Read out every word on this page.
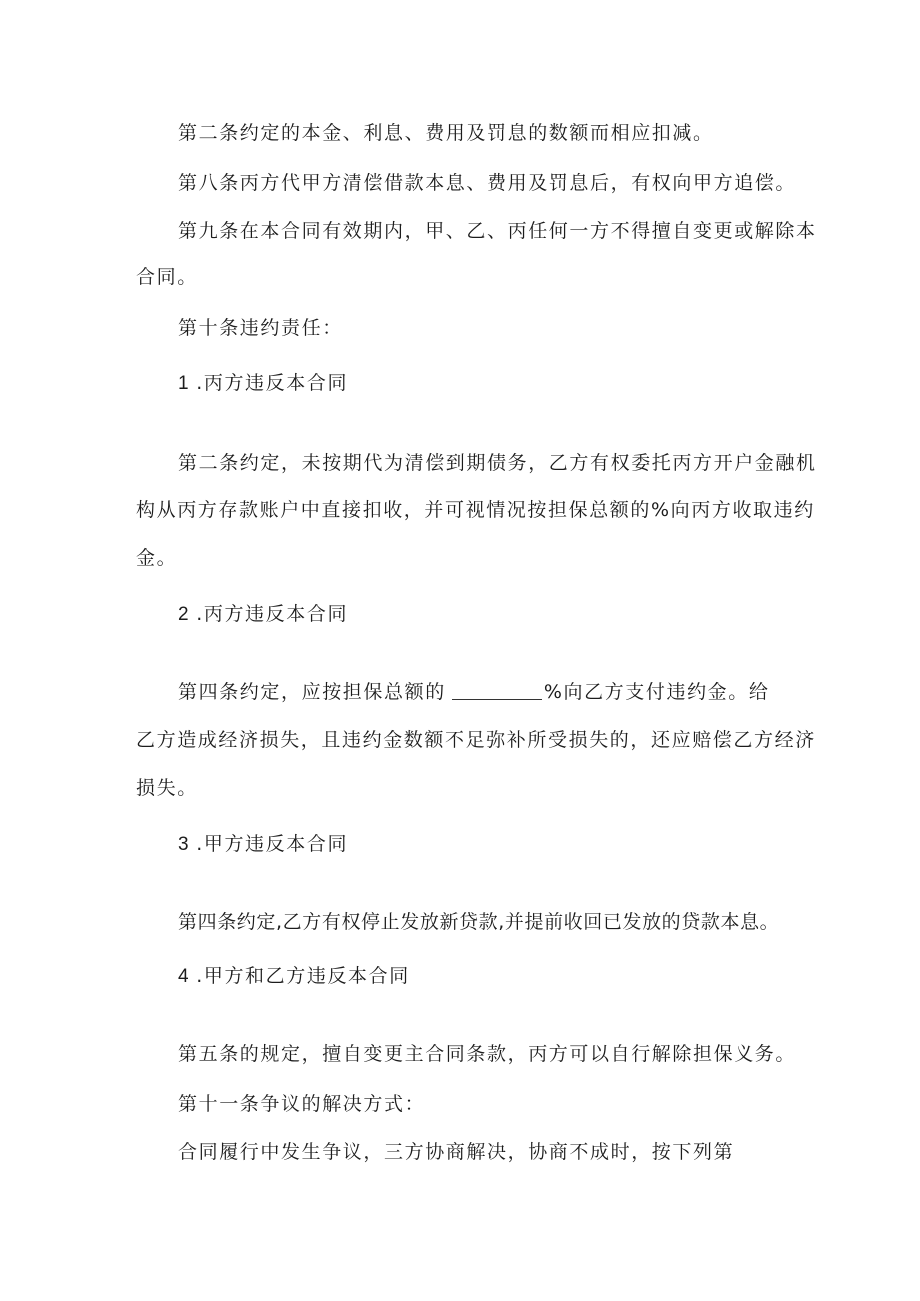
第二条约定的本金、利息、费用及罚息的数额而相应扣减。
第八条丙方代甲方清偿借款本息、费用及罚息后，有权向甲方追偿。
第九条在本合同有效期内，甲、乙、丙任何一方不得擅自变更或解除本
合同。
第十条违约责任：
1 .丙方违反本合同
第二条约定，未按期代为清偿到期债务，乙方有权委托丙方开户金融机
构从丙方存款账户中直接扣收，并可视情况按担保总额的%向丙方收取违约
金。
2 .丙方违反本合同
第四条约定，应按担保总额的	%向乙方支付违约金。给
乙方造成经济损失，且违约金数额不足弥补所受损失的，还应赔偿乙方经济
损失。
3 .甲方违反本合同
第四条约定,乙方有权停止发放新贷款,并提前收回已发放的贷款本息。
4 .甲方和乙方违反本合同
第五条的规定，擅自变更主合同条款，丙方可以自行解除担保义务。
第十一条争议的解决方式：
合同履行中发生争议，三方协商解决，协商不成时，按下列第
